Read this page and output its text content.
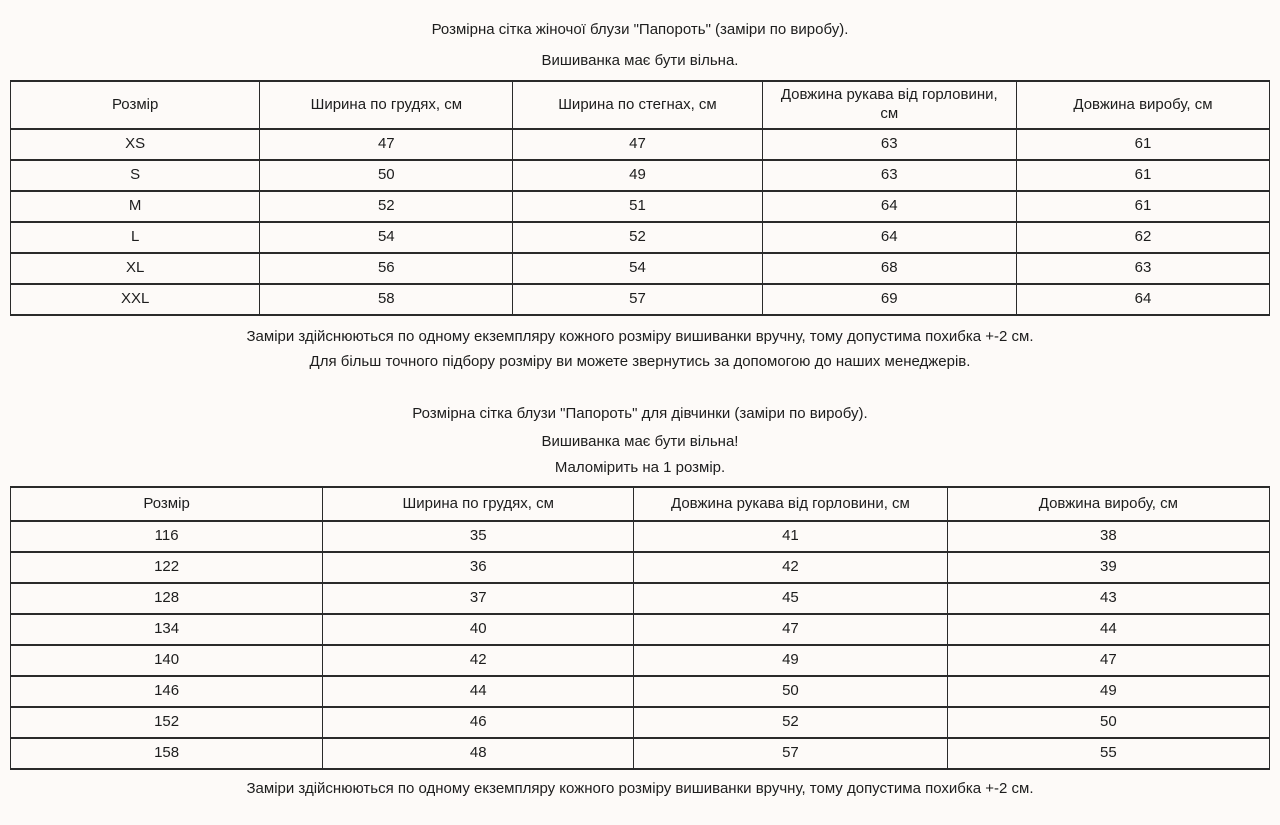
Розмірна сітка жіночої блузи "Папороть" (заміри по виробу).
Вишиванка має бути вільна.
Розмір	Ширина по грудях, см	Ширина по стегнах, см	Довжина рукава від горловини, см	Довжина виробу, см
XS	47	47	63	61
S	50	49	63	61
M	52	51	64	61
L	54	52	64	62
XL	56	54	68	63
XXL	58	57	69	64
Заміри здійснюються по одному екземпляру кожного розміру вишиванки вручну, тому допустима похибка +-2 см.
Для більш точного підбору розміру ви можете звернутись за допомогою до наших менеджерів.
Розмірна сітка блузи "Папороть" для дівчинки (заміри по виробу).
Вишиванка має бути вільна!
Маломірить на 1 розмір.
Розмір	Ширина по грудях, см	Довжина рукава від горловини, см	Довжина виробу, см
116	35	41	38
122	36	42	39
128	37	45	43
134	40	47	44
140	42	49	47
146	44	50	49
152	46	52	50
158	48	57	55
Заміри здійснюються по одному екземпляру кожного розміру вишиванки вручну, тому допустима похибка +-2 см.
